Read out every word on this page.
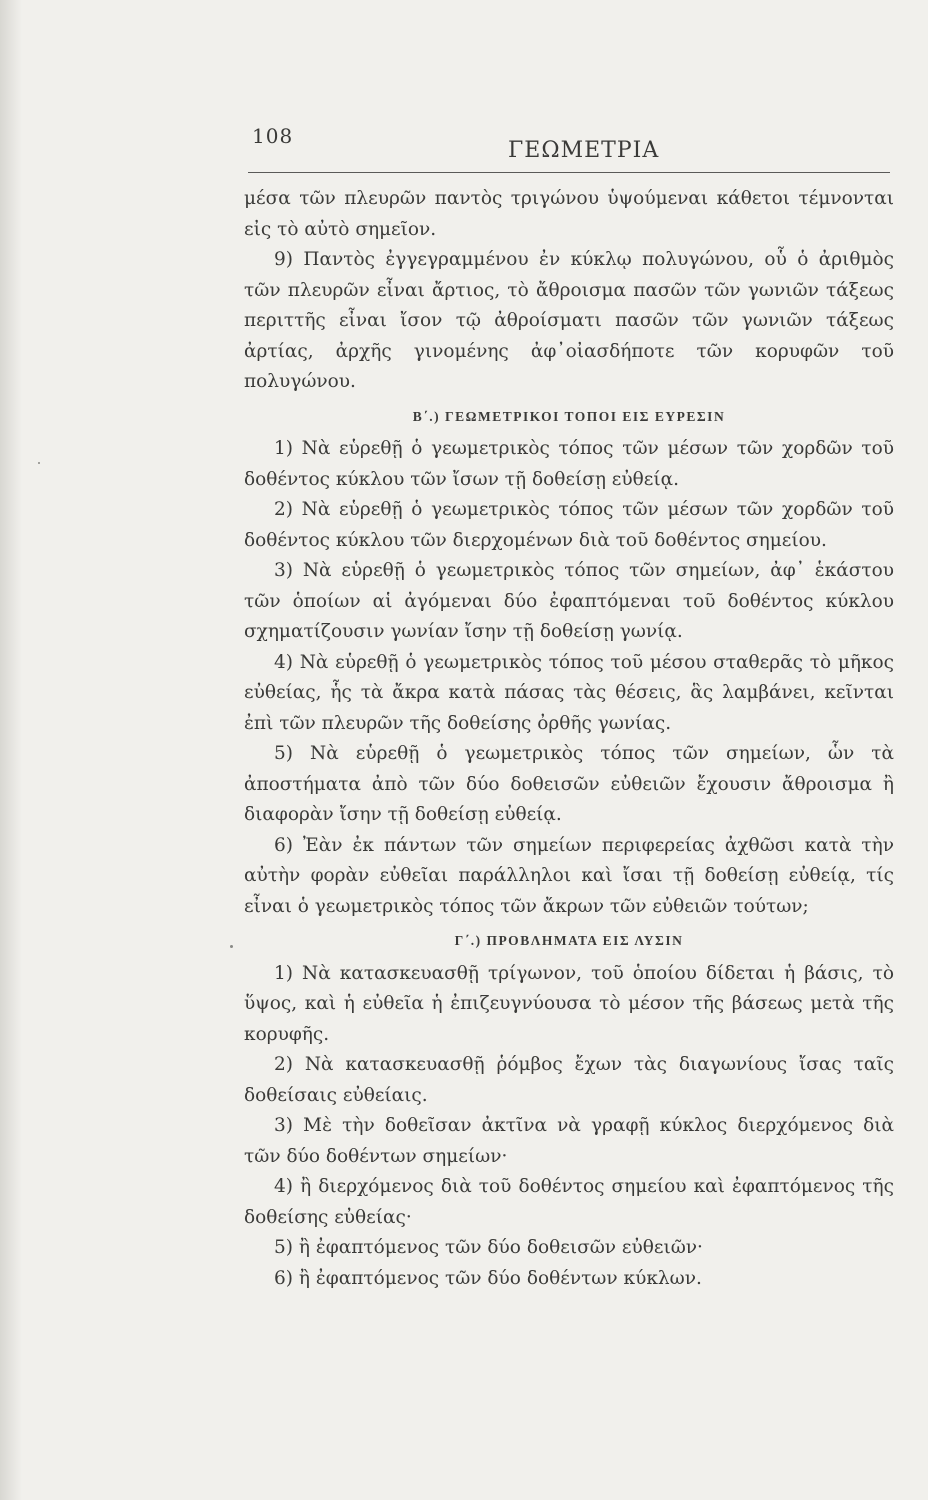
108
ΓΕΩΜΕΤΡΙΑ

μέσα τῶν πλευρῶν παντὸς τριγώνου ὑψούμεναι κάθετοι τέμνονται εἰς τὸ αὐτὸ σημεῖον.

9) Παντὸς ἐγγεγραμμένου ἐν κύκλῳ πολυγώνου, οὗ ὁ ἀριθμὸς τῶν πλευρῶν εἶναι ἄρτιος, τὸ ἄθροισμα πασῶν τῶν γωνιῶν τάξεως περιττῆς εἶναι ἴσον τῷ ἀθροίσματι πασῶν τῶν γωνιῶν τάξεως ἀρτίας, ἀρχῆς γινομένης ἀφ᾽οἰασδήποτε τῶν κορυφῶν τοῦ πολυγώνου.

Β΄.) ΓΕΩΜΕΤΡΙΚΟΙ ΤΟΠΟΙ ΕΙΣ ΕΥΡΕΣΙΝ

1) Νὰ εὑρεθῇ ὁ γεωμετρικὸς τόπος τῶν μέσων τῶν χορδῶν τοῦ δοθέντος κύκλου τῶν ἴσων τῇ δοθείσῃ εὐθείᾳ.

2) Νὰ εὑρεθῇ ὁ γεωμετρικὸς τόπος τῶν μέσων τῶν χορδῶν τοῦ δοθέντος κύκλου τῶν διερχομένων διὰ τοῦ δοθέντος σημείου.

3) Νὰ εὑρεθῇ ὁ γεωμετρικὸς τόπος τῶν σημείων, ἀφ᾽ ἑκάστου τῶν ὁποίων αἱ ἀγόμεναι δύο ἐφαπτόμεναι τοῦ δοθέντος κύκλου σχηματίζουσιν γωνίαν ἴσην τῇ δοθείσῃ γωνίᾳ.

4) Νὰ εὑρεθῇ ὁ γεωμετρικὸς τόπος τοῦ μέσου σταθερᾶς τὸ μῆκος εὐθείας, ἧς τὰ ἄκρα κατὰ πάσας τὰς θέσεις, ἃς λαμβάνει, κεῖνται ἐπὶ τῶν πλευρῶν τῆς δοθείσης ὀρθῆς γωνίας.

5) Νὰ εὑρεθῇ ὁ γεωμετρικὸς τόπος τῶν σημείων, ὧν τὰ ἀποστήματα ἀπὸ τῶν δύο δοθεισῶν εὐθειῶν ἔχουσιν ἄθροισμα ἢ διαφορὰν ἴσην τῇ δοθείσῃ εὐθείᾳ.

6) Ἐὰν ἐκ πάντων τῶν σημείων περιφερείας ἀχθῶσι κατὰ τὴν αὐτὴν φορὰν εὐθεῖαι παράλληλοι καὶ ἴσαι τῇ δοθείσῃ εὐθείᾳ, τίς εἶναι ὁ γεωμετρικὸς τόπος τῶν ἄκρων τῶν εὐθειῶν τούτων;

Γ΄.) ΠΡΟΒΛΗΜΑΤΑ ΕΙΣ ΛΥΣΙΝ

1) Νὰ κατασκευασθῇ τρίγωνον, τοῦ ὁποίου δίδεται ἡ βάσις, τὸ ὕψος, καὶ ἡ εὐθεῖα ἡ ἐπιζευγνύουσα τὸ μέσον τῆς βάσεως μετὰ τῆς κορυφῆς.

2) Νὰ κατασκευασθῇ ῥόμβος ἔχων τὰς διαγωνίους ἴσας ταῖς δοθείσαις εὐθείαις.

3) Μὲ τὴν δοθεῖσαν ἀκτῖνα νὰ γραφῇ κύκλος διερχόμενος διὰ τῶν δύο δοθέντων σημείων·

4) ἢ διερχόμενος διὰ τοῦ δοθέντος σημείου καὶ ἐφαπτόμενος τῆς δοθείσης εὐθείας·

5) ἢ ἐφαπτόμενος τῶν δύο δοθεισῶν εὐθειῶν·

6) ἢ ἐφαπτόμενος τῶν δύο δοθέντων κύκλων.
